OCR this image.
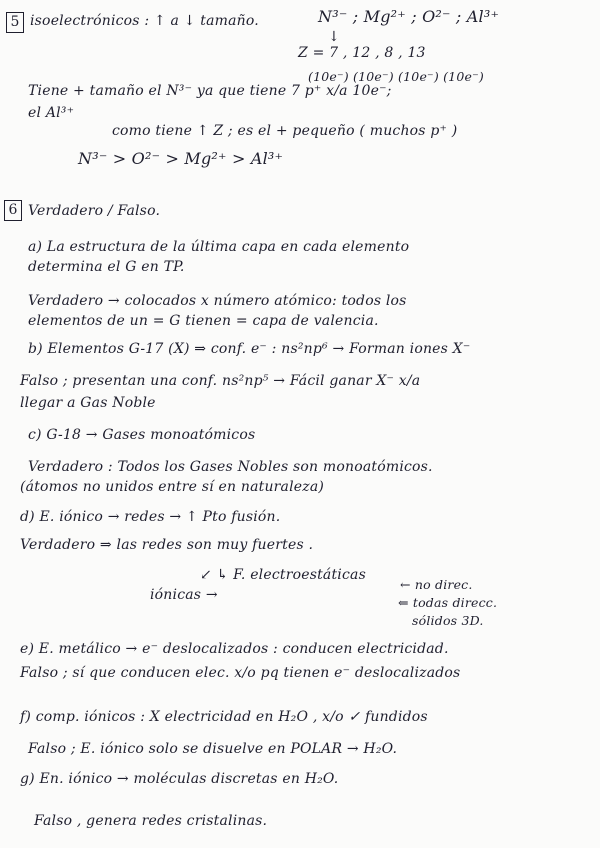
5 isoelectrónicos : ↑ a ↓ tamaño.	N³⁻ ; Mg²⁺ ; O²⁻ ; Al³⁺
↓
Z = 7 , 12 , 8 , 13
(10e⁻) (10e⁻) (10e⁻) (10e⁻)
Tiene + tamaño el N³⁻ ya que tiene 7 p⁺ x/a 10e⁻;
el Al³⁺
como tiene ↑ Z ; es el + pequeño ( muchos p⁺ )
N³⁻ > O²⁻ > Mg²⁺ > Al³⁺
6 Verdadero / Falso.
a) La estructura de la última capa en cada elemento
determina el G en TP.
Verdadero → colocados x número atómico: todos los
elementos de un = G tienen = capa de valencia.
b) Elementos G-17 (X) ⇒ conf. e⁻ : ns²np⁶ → Forman iones X⁻
Falso ; presentan una conf. ns²np⁵ → Fácil ganar X⁻ x/a
llegar a Gas Noble
c) G-18 → Gases monoatómicos
Verdadero : Todos los Gases Nobles son monoatómicos.
(átomos no unidos entre sí en naturaleza)
d) E. iónico → redes → ↑ Pto fusión.
Verdadero ⇒ las redes son muy fuertes .
↙ ↳ F. electroestáticas
iónicas →
← no direc.
⇐ todas direcc.
sólidos 3D.
e) E. metálico → e⁻ deslocalizados : conducen electricidad.
Falso ; sí que conducen elec. x/o pq tienen e⁻ deslocalizados
f) comp. iónicos : X electricidad en H₂O , x/o ✓ fundidos
Falso ; E. iónico solo se disuelve en POLAR → H₂O.
g) En. iónico → moléculas discretas en H₂O.
Falso , genera redes cristalinas.
